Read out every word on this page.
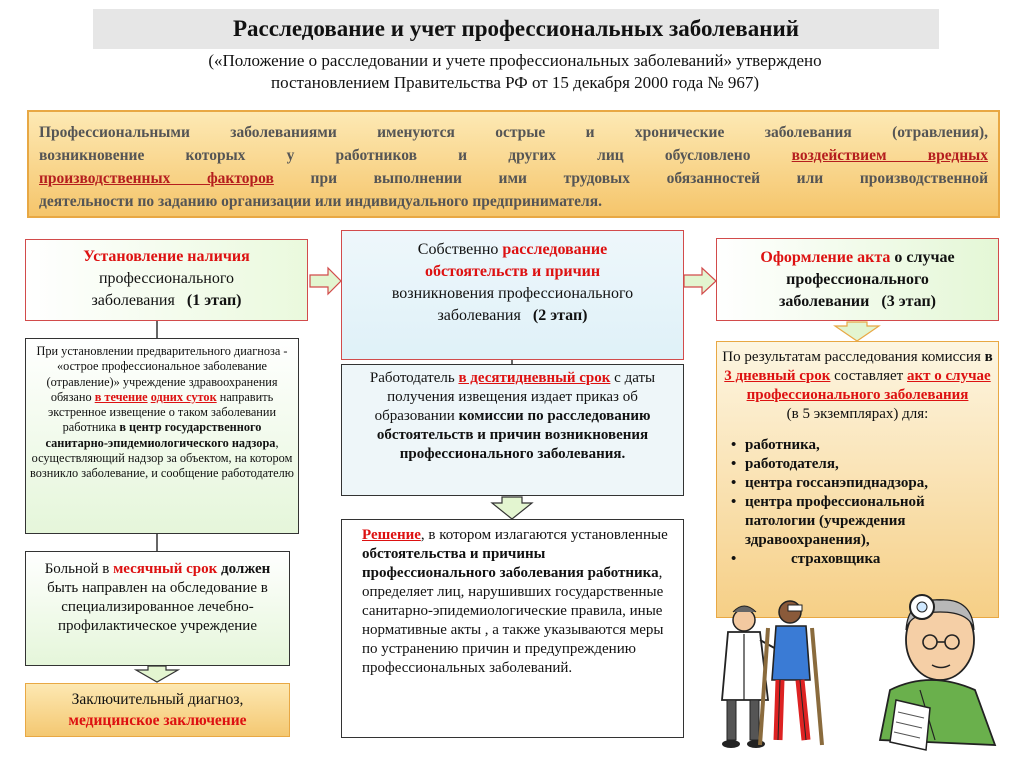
Расследование и учет профессиональных заболеваний
(«Положение о расследовании и учете профессиональных заболеваний» утверждено
постановлением Правительства РФ от 15 декабря 2000 года № 967)

Профессиональными заболеваниями именуются острые и хронические заболевания (отравления),

возникновение которых у работников и других лиц обусловлено воздействием вредных

производственных факторов при выполнении ими трудовых обязанностей или производственной

деятельности по заданию организации или индивидуального предпринимателя.

Установление наличия
профессионального
заболевания (1 этап)
Собственно расследование
обстоятельств и причин
возникновения профессионального
заболевания (2 этап)
Оформление акта о случае
профессионального
заболевании (3 этап)
При установлении предварительного диагноза - «острое профессиональное заболевание (отравление)» учреждение здравоохранения обязано в течение одних суток направить экстренное извещение о таком заболевании работника в центр государственного санитарно-эпидемиологического надзора, осуществляющий надзор за объектом, на котором возникло заболевание, и сообщение работодателю
Больной в месячный срок должен быть направлен на обследование в специализированное лечебно-профилактическое учреждение
Заключительный диагноз,
медицинское заключение
Работодатель в десятидневный срок с даты получения извещения издает приказ об образовании комиссии по расследованию обстоятельств и причин возникновения профессионального заболевания.
Решение, в котором излагаются установленные обстоятельства и причины профессионального заболевания работника, определяет лиц, нарушивших государственные санитарно-эпидемиологические правила, иные нормативные акты , а также указываются меры по устранению причин и предупреждению профессиональных заболеваний.
По результатам расследования комиссия в 3 дневный срок составляет акт о случае профессионального заболевания
(в 5 экземплярах) для:
• работника,
• работодателя,
• центра госсанэпиднадзора,
• центра профессиональной патологии (учреждения здравоохранения),
• страховщика
